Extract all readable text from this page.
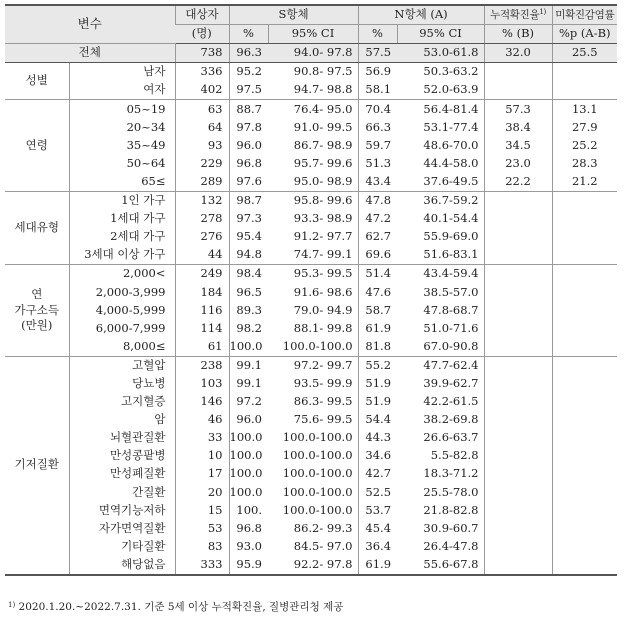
변수		대상자	S항체		N항체 (A)		누적확진율$^{1)}$	미확진감염률
		(명)	%	95% CI	%	95% CI	% (B)	%p (A-B)
전체		738	96.3	94.0- 97.8	57.5	53.0-61.8	32.0	25.5
성별	남자	336	95.2	90.8- 97.5	56.9	50.3-63.2		
	여자	402	97.5	94.7- 98.8	58.1	52.0-63.9		
연령	05~19	63	88.7	76.4- 95.0	70.4	56.4-81.4	57.3	13.1
	20~34	64	97.8	91.0- 99.5	66.3	53.1-77.4	38.4	27.9
	35~49	93	96.0	86.7- 98.9	59.7	48.6-70.0	34.5	25.2
	50~64	229	96.8	95.7- 99.6	51.3	44.4-58.0	23.0	28.3
	65≤	289	97.6	95.0- 98.9	43.4	37.6-49.5	22.2	21.2
세대유형	1인 가구	132	98.7	95.8- 99.6	47.8	36.7-59.2		
	1세대 가구	278	97.3	93.3- 98.9	47.2	40.1-54.4		
	2세대 가구	276	95.4	91.2- 97.7	62.7	55.9-69.0		
	3세대 이상 가구	44	94.8	74.7- 99.1	69.6	51.6-83.1		
연
가구소득
(만원)	2,000<	249	98.4	95.3- 99.5	51.4	43.4-59.4		
	2,000-3,999	184	96.5	91.6- 98.6	47.6	38.5-57.0		
	4,000-5,999	116	89.3	79.0- 94.9	58.7	47.8-68.7		
	6,000-7,999	114	98.2	88.1- 99.8	61.9	51.0-71.6		
	8,000≤	61	100.0	100.0-100.0	81.8	67.0-90.8		
기저질환	고혈압	238	99.1	97.2- 99.7	55.2	47.7-62.4		
	당뇨병	103	99.1	93.5- 99.9	51.9	39.9-62.7		
	고지혈증	146	97.2	86.3- 99.5	51.9	42.2-61.5		
	암	46	96.0	75.6- 99.5	54.4	38.2-69.8		
	뇌혈관질환	33	100.0	100.0-100.0	44.3	26.6-63.7		
	만성콩팥병	10	100.0	100.0-100.0	34.6	5.5-82.8		
	만성폐질환	17	100.0	100.0-100.0	42.7	18.3-71.2		
	간질환	20	100.0	100.0-100.0	52.5	25.5-78.0		
	면역기능저하	15	100.	100.0-100.0	53.7	21.8-82.8		
	자가면역질환	53	96.8	86.2- 99.3	45.4	30.9-60.7		
	기타질환	83	93.0	84.5- 97.0	36.4	26.4-47.8		
	해당없음	333	95.9	92.2- 97.8	61.9	55.6-67.8		
$^{1)}$ 2020.1.20.~2022.7.31. 기준 5세 이상 누적확진율, 질병관리청 제공
